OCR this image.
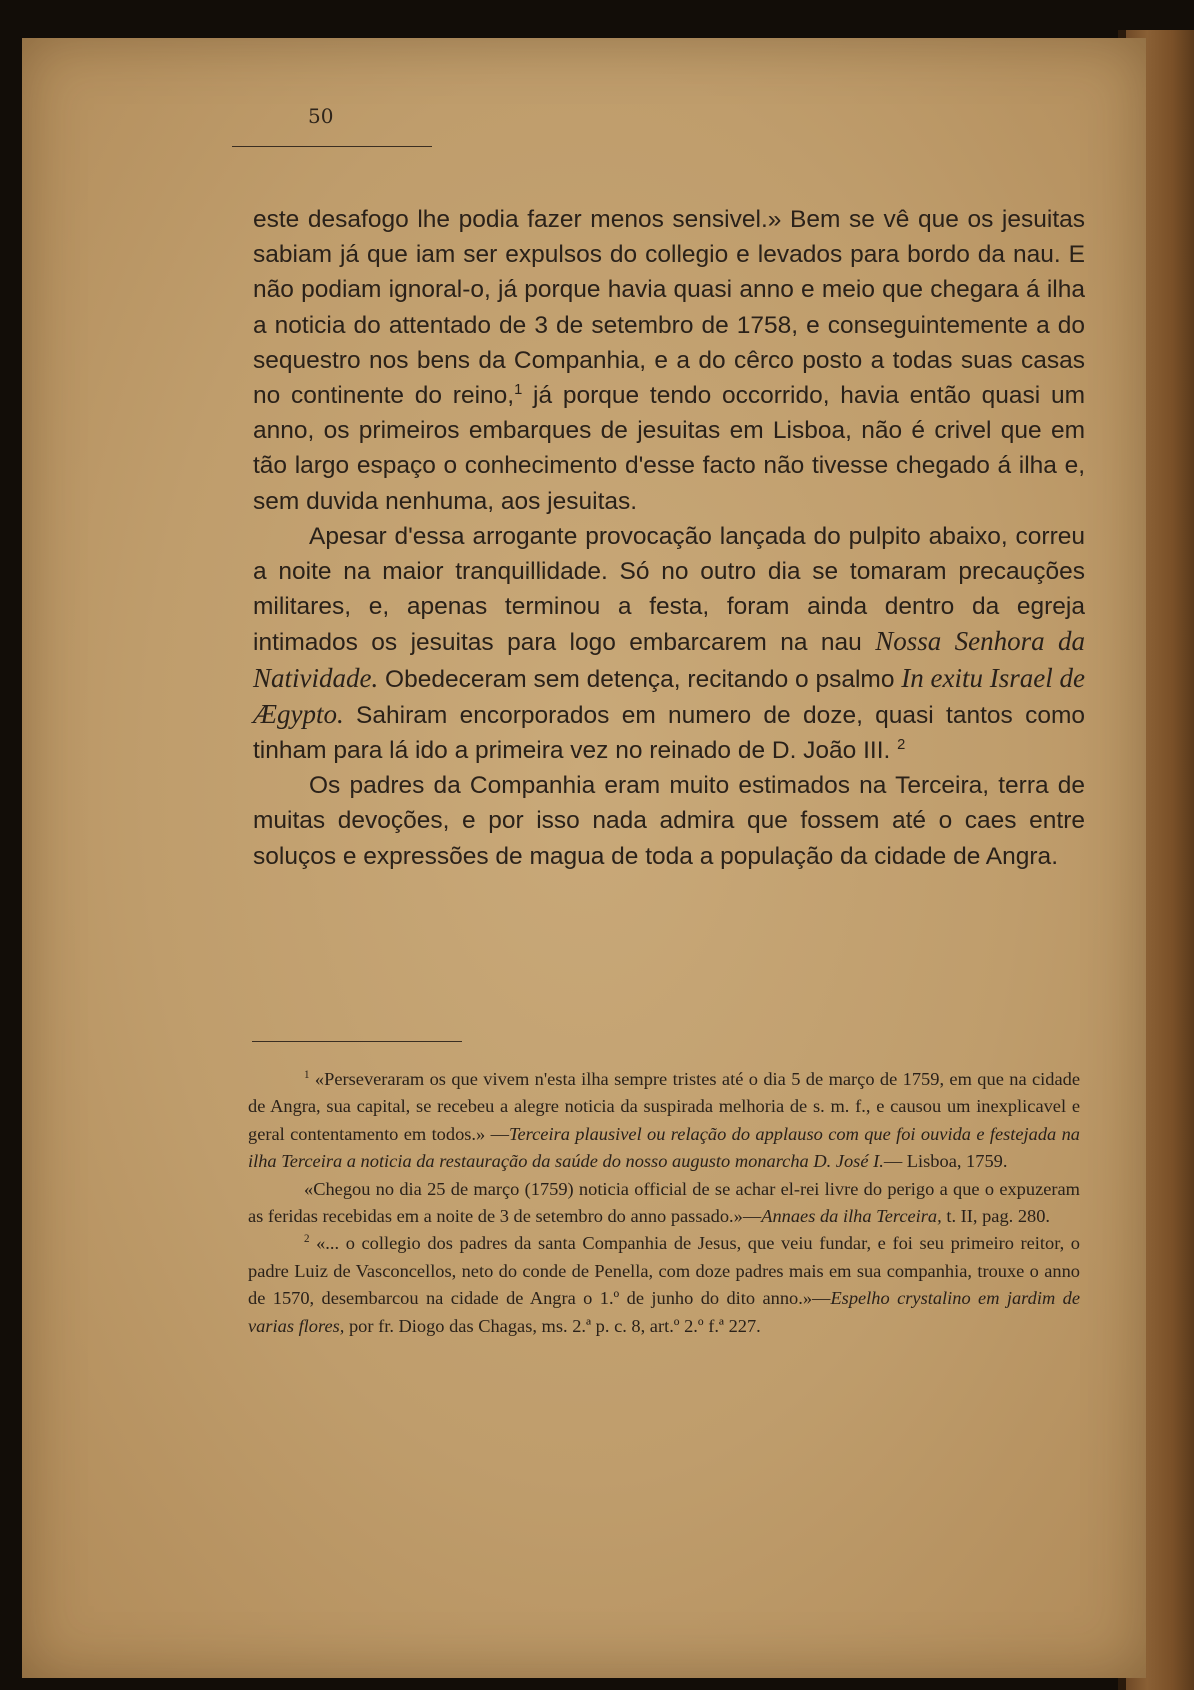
50

este desafogo lhe podia fazer menos sensivel.» Bem se vê que os jesuitas sabiam já que iam ser expulsos do collegio e levados para bordo da nau. E não podiam ignoral-o, já porque havia quasi anno e meio que chegara á ilha a noticia do attentado de 3 de setembro de 1758, e conseguintemente a do sequestro nos bens da Companhia, e a do cêrco posto a todas suas casas no continente do reino,$^1$ já porque tendo occorrido, havia então quasi um anno, os primeiros embarques de jesuitas em Lisboa, não é crivel que em tão largo espaço o conhecimento d'esse facto não tivesse chegado á ilha e, sem duvida nenhuma, aos jesuitas.

Apesar d'essa arrogante provocação lançada do pulpito abaixo, correu a noite na maior tranquillidade. Só no outro dia se tomaram precauções militares, e, apenas terminou a festa, foram ainda dentro da egreja intimados os jesuitas para logo embarcarem na nau Nossa Senhora da Natividade. Obedeceram sem detença, recitando o psalmo In exitu Israel de Ægypto. Sahiram encorporados em numero de doze, quasi tantos como tinham para lá ido a primeira vez no reinado de D. João III. $^2$

Os padres da Companhia eram muito estimados na Terceira, terra de muitas devoções, e por isso nada admira que fossem até o caes entre soluços e expressões de magua de toda a população da cidade de Angra.

$^1$ «Perseveraram os que vivem n'esta ilha sempre tristes até o dia 5 de março de 1759, em que na cidade de Angra, sua capital, se recebeu a alegre noticia da suspirada melhoria de s. m. f., e causou um inexplicavel e geral contentamento em todos.» —Terceira plausivel ou relação do applauso com que foi ouvida e festejada na ilha Terceira a noticia da restauração da saúde do nosso augusto monarcha D. José I.— Lisboa, 1759.

«Chegou no dia 25 de março (1759) noticia official de se achar el-rei livre do perigo a que o expuzeram as feridas recebidas em a noite de 3 de setembro do anno passado.»—Annaes da ilha Terceira, t. II, pag. 280.

$^2$ «... o collegio dos padres da santa Companhia de Jesus, que veiu fundar, e foi seu primeiro reitor, o padre Luiz de Vasconcellos, neto do conde de Penella, com doze padres mais em sua companhia, trouxe o anno de 1570, desembarcou na cidade de Angra o 1.º de junho do dito anno.»—Espelho crystalino em jardim de varias flores, por fr. Diogo das Chagas, ms. 2.ª p. c. 8, art.º 2.º f.ª 227.
